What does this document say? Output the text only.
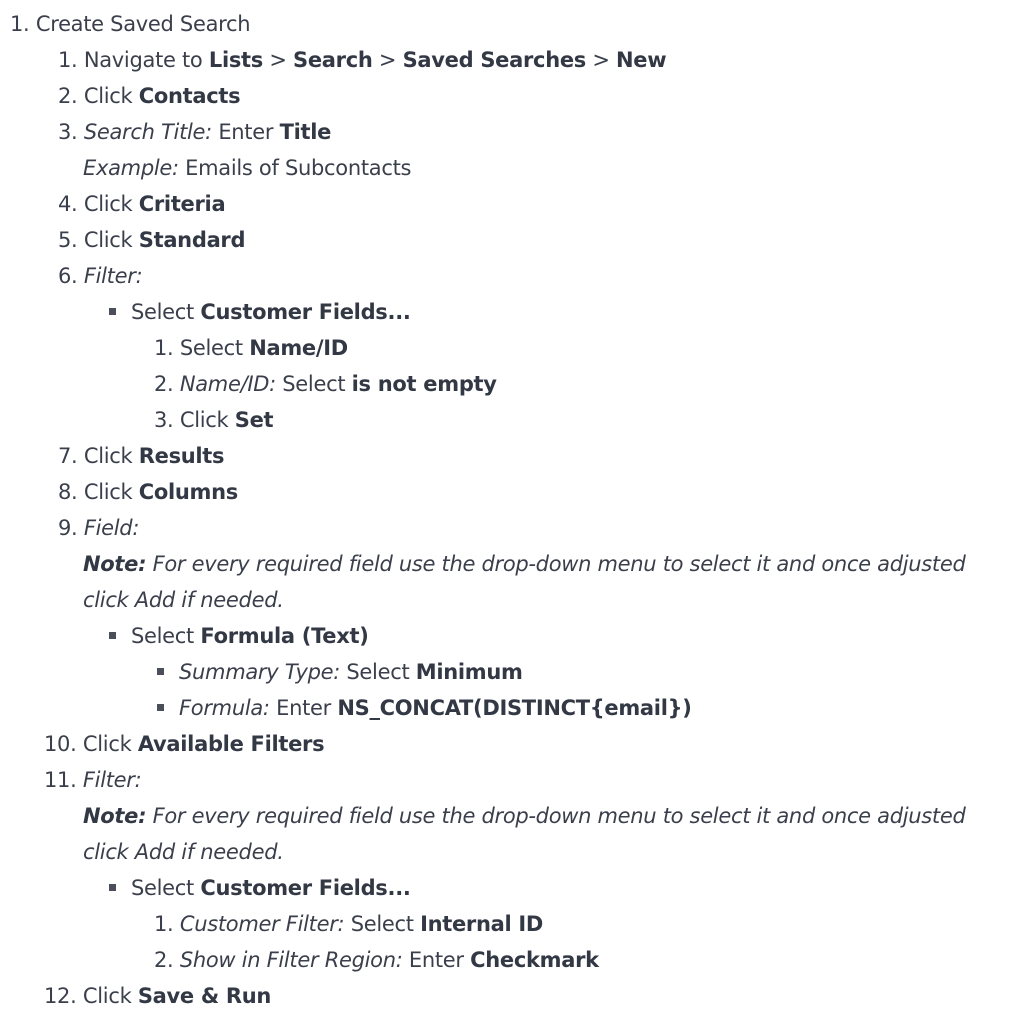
1. Create Saved Search
1. Navigate to Lists > Search > Saved Searches > New
2. Click Contacts
3. Search Title: Enter Title
Example: Emails of Subcontacts
4. Click Criteria
5. Click Standard
6. Filter:
Select Customer Fields...
1. Select Name/ID
2. Name/ID: Select is not empty
3. Click Set
7. Click Results
8. Click Columns
9. Field:
Note: For every required field use the drop-down menu to select it and once adjusted
click Add if needed.
Select Formula (Text)
Summary Type: Select Minimum
Formula: Enter NS_CONCAT(DISTINCT{email})
10. Click Available Filters
11. Filter:
Note: For every required field use the drop-down menu to select it and once adjusted
click Add if needed.
Select Customer Fields...
1. Customer Filter: Select Internal ID
2. Show in Filter Region: Enter Checkmark
12. Click Save & Run
